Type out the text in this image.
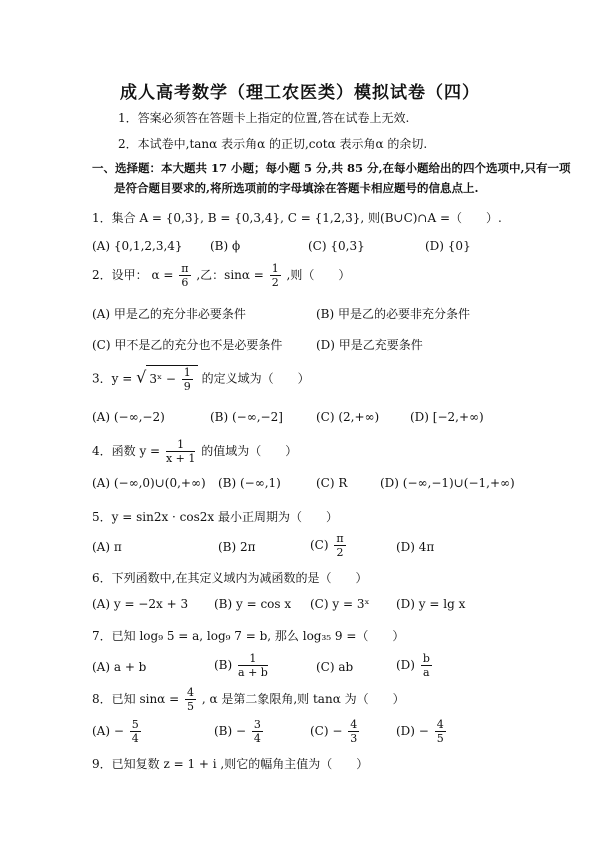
成人高考数学（理工农医类）模拟试卷（四）
1．答案必须答在答题卡上指定的位置,答在试卷上无效.
2．本试卷中,tanα 表示角α 的正切,cotα 表示角α 的余切.
一、选择题：本大题共 17 小题；每小题 5 分,共 85 分,在每小题给出的四个选项中,只有一项
是符合题目要求的,将所选项前的字母填涂在答题卡相应题号的信息点上.
1．集合 A = {0,3}, B = {0,3,4}, C = {1,2,3}, 则(B∪C)∩A =（　　）.
(A) {0,1,2,3,4} (B) ϕ	(C) {0,3}	(D) {0}
2．设甲： $\alpha = \frac{\pi}{6}$ ,乙：$\sin\alpha = \frac{1}{2}$ ,则（　　）
(A) 甲是乙的充分非必要条件	(B) 甲是乙的必要非充分条件
(C) 甲不是乙的充分也不是必要条件	(D) 甲是乙充要条件
3．y = √ 3ˣ − $\frac{1}{9}$ 的定义域为（　　）
(A) (−∞,−2)	(B) (−∞,−2]	(C) (2,+∞)	(D) [−2,+∞)
4．函数 $y = \frac{1}{x + 1}$ 的值域为（　　）
(A) (−∞,0)∪(0,+∞) (B) (−∞,1)	(C) R	(D) (−∞,−1)∪(−1,+∞)
5．y = sin2x · cos2x 最小正周期为（　　）
(A) π	(B) 2π	$(C) \frac{\pi}{2}$	(D) 4π
6．下列函数中,在其定义域内为减函数的是（　　）
(A) y = −2x + 3 (B) y = cos x (C) y = 3ˣ (D) y = lg x
7．已知 log₉ 5 = a, log₉ 7 = b, 那么 log₃₅ 9 =（　　）
(A) a + b	$(B) \frac{1}{a + b}$	(C) ab	$(D) \frac{b}{a}$
8．已知 $\sin\alpha = \frac{4}{5}$ , α 是第二象限角,则 tanα 为（　　）
$(A) - \frac{5}{4}$	$(B) - \frac{3}{4}$	$(C) - \frac{4}{3}$	$(D) - \frac{4}{5}$
9．已知复数 z = 1 + i ,则它的幅角主值为（　　）
